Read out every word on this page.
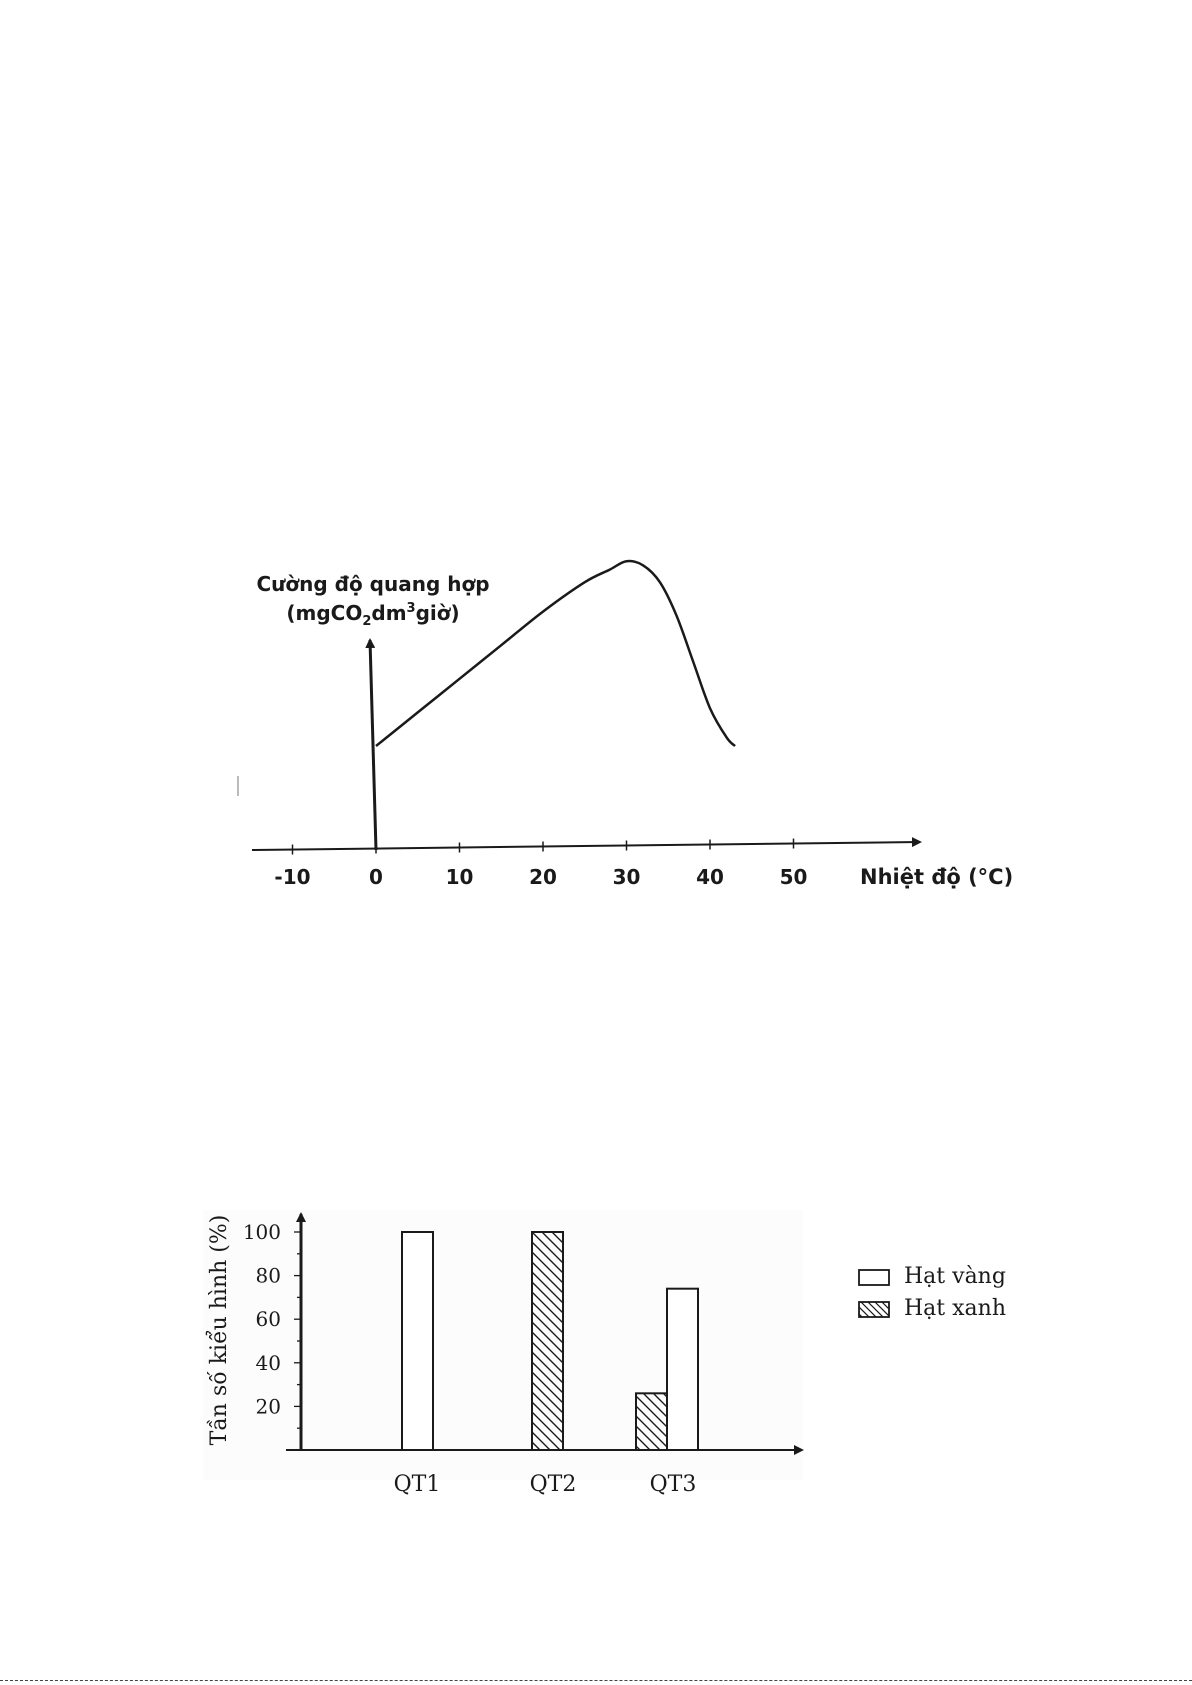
Cường độ quang hợp
$(mgCO_2dm^3giờ)$
-10	0	10	20	30	40	50	Nhiệt độ (°C)
20
40
60
80
100
Tần số kiểu hình (%)
QT1	QT2	QT3
Hạt vàng
Hạt xanh
